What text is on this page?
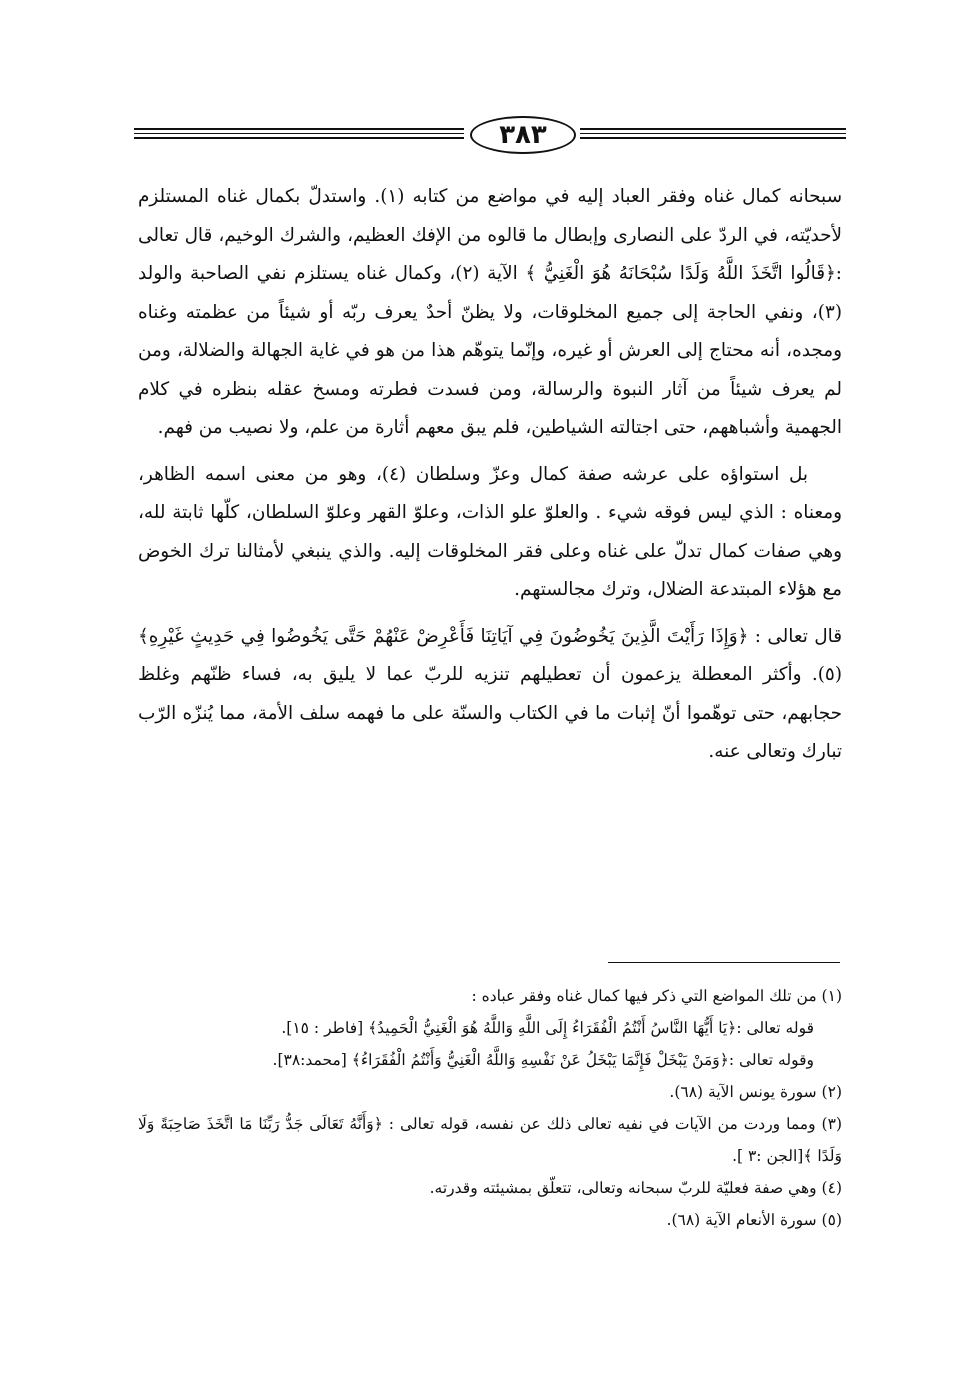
٣٨٣

سبحانه كمال غناه وفقر العباد إليه في مواضع من كتابه (١). واستدلّ بكمال غناه المستلزم لأحديّته، في الردّ على النصارى وإبطال ما قالوه من الإفك العظيم، والشرك الوخيم، قال تعالى :﴿قَالُوا اتَّخَذَ اللَّهُ وَلَدًا سُبْحَانَهُ هُوَ الْغَنِيُّ ﴾ الآية (٢)، وكمال غناه يستلزم نفي الصاحبة والولد (٣)، ونفي الحاجة إلى جميع المخلوقات، ولا يظنّ أحدٌ يعرف ربّه أو شيئاً من عظمته وغناه ومجده، أنه محتاج إلى العرش أو غيره، وإنّما يتوهّم هذا من هو في غاية الجهالة والضلالة، ومن لم يعرف شيئاً من آثار النبوة والرسالة، ومن فسدت فطرته ومسخ عقله بنظره في كلام الجهمية وأشباههم، حتى اجتالته الشياطين، فلم يبق معهم أثارة من علم، ولا نصيب من فهم.

بل استواؤه على عرشه صفة كمال وعزّ وسلطان (٤)، وهو من معنى اسمه الظاهر، ومعناه : الذي ليس فوقه شيء . والعلوّ علو الذات، وعلوّ القهر وعلوّ السلطان، كلّها ثابتة لله، وهي صفات كمال تدلّ على غناه وعلى فقر المخلوقات إليه. والذي ينبغي لأمثالنا ترك الخوض مع هؤلاء المبتدعة الضلال، وترك مجالستهم.

قال تعالى : ﴿وَإِذَا رَأَيْتَ الَّذِينَ يَخُوضُونَ فِي آيَاتِنَا فَأَعْرِضْ عَنْهُمْ حَتَّى يَخُوضُوا فِي حَدِيثٍ غَيْرِهِ﴾ (٥). وأكثر المعطلة يزعمون أن تعطيلهم تنزيه للربّ عما لا يليق به، فساء ظنّهم وغلظ حجابهم، حتى توهّموا أنّ إثبات ما في الكتاب والسنّة على ما فهمه سلف الأمة، مما يُنزّه الرّب تبارك وتعالى عنه.

(١) من تلك المواضع التي ذكر فيها كمال غناه وفقر عباده :
قوله تعالى :﴿يَا أَيُّهَا النَّاسُ أَنْتُمُ الْفُقَرَاءُ إِلَى اللَّهِ وَاللَّهُ هُوَ الْغَنِيُّ الْحَمِيدُ﴾ [فاطر : ١٥].
وقوله تعالى :﴿وَمَنْ يَبْخَلْ فَإِنَّمَا يَبْخَلُ عَنْ نَفْسِهِ وَاللَّهُ الْغَنِيُّ وَأَنْتُمُ الْفُقَرَاءُ﴾ [محمد:٣٨].
(٢) سورة يونس الآية (٦٨).
(٣) ومما وردت من الآيات في نفيه تعالى ذلك عن نفسه، قوله تعالى : ﴿وَأَنَّهُ تَعَالَى جَدُّ رَبِّنَا مَا اتَّخَذَ صَاحِبَةً وَلَا وَلَدًا ﴾[الجن :٣ ].
(٤) وهي صفة فعليّة للربّ سبحانه وتعالى، تتعلّق بمشيئته وقدرته.
(٥) سورة الأنعام الآية (٦٨).
